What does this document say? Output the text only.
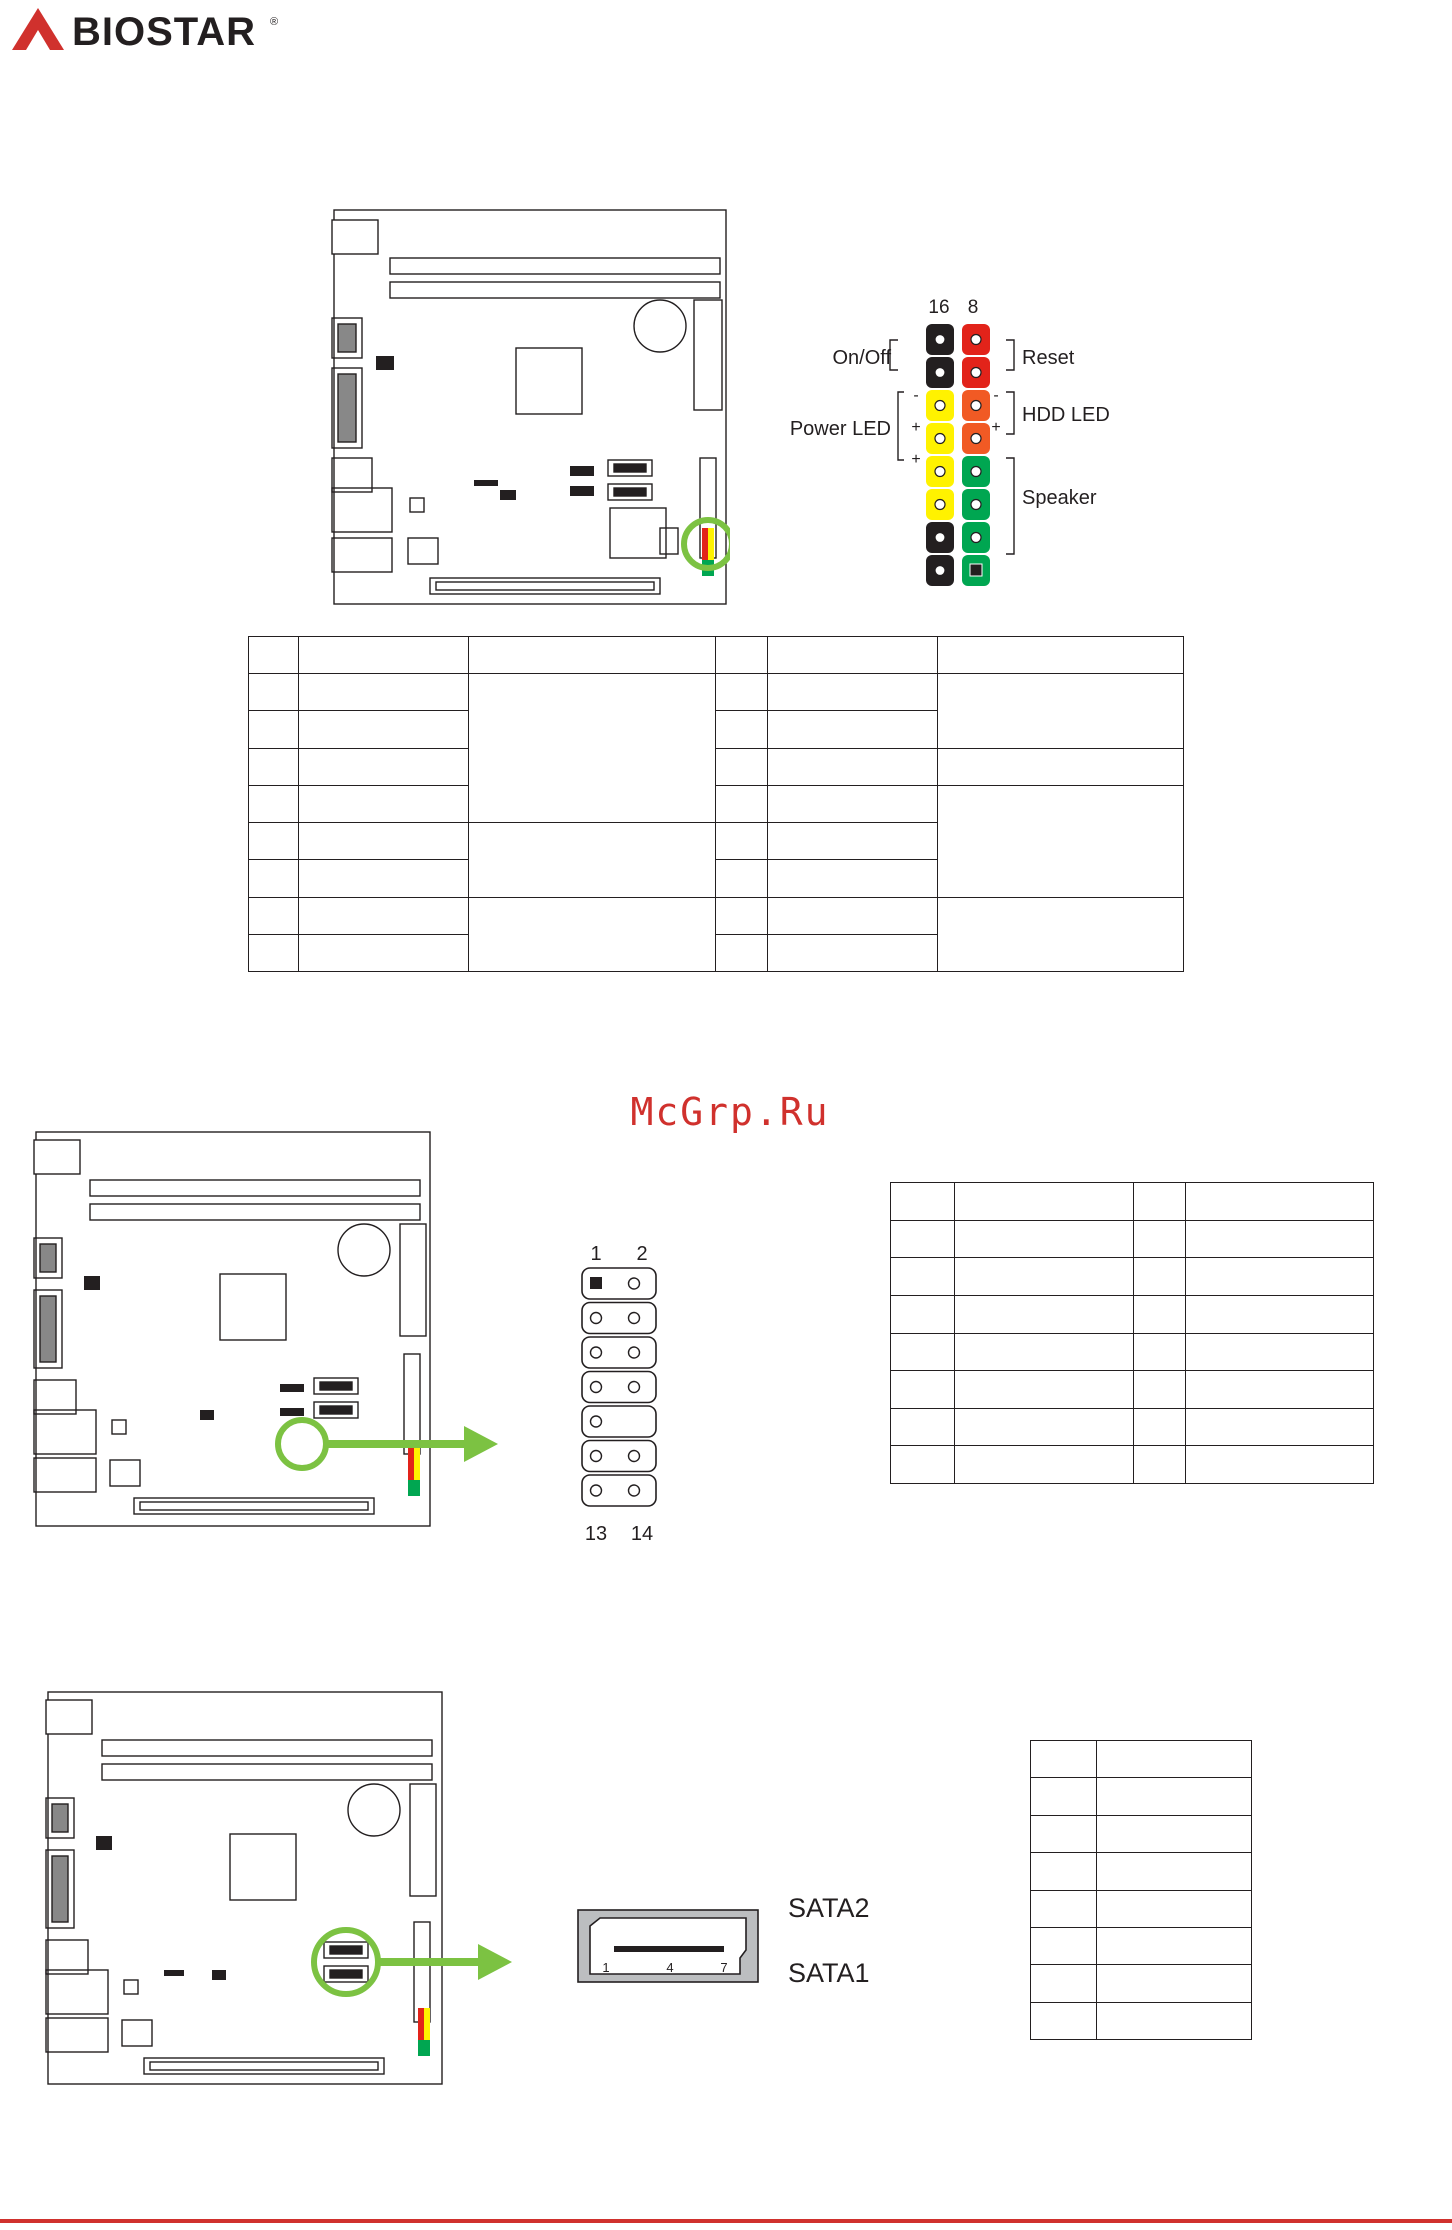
BIOSTAR ®
16 8
On/Off	Reset
Power LED
-
+
+
HDD LED
-
+
Speaker

McGrp.Ru
1 2
13 14

1	4	7
SATA2
SATA1
